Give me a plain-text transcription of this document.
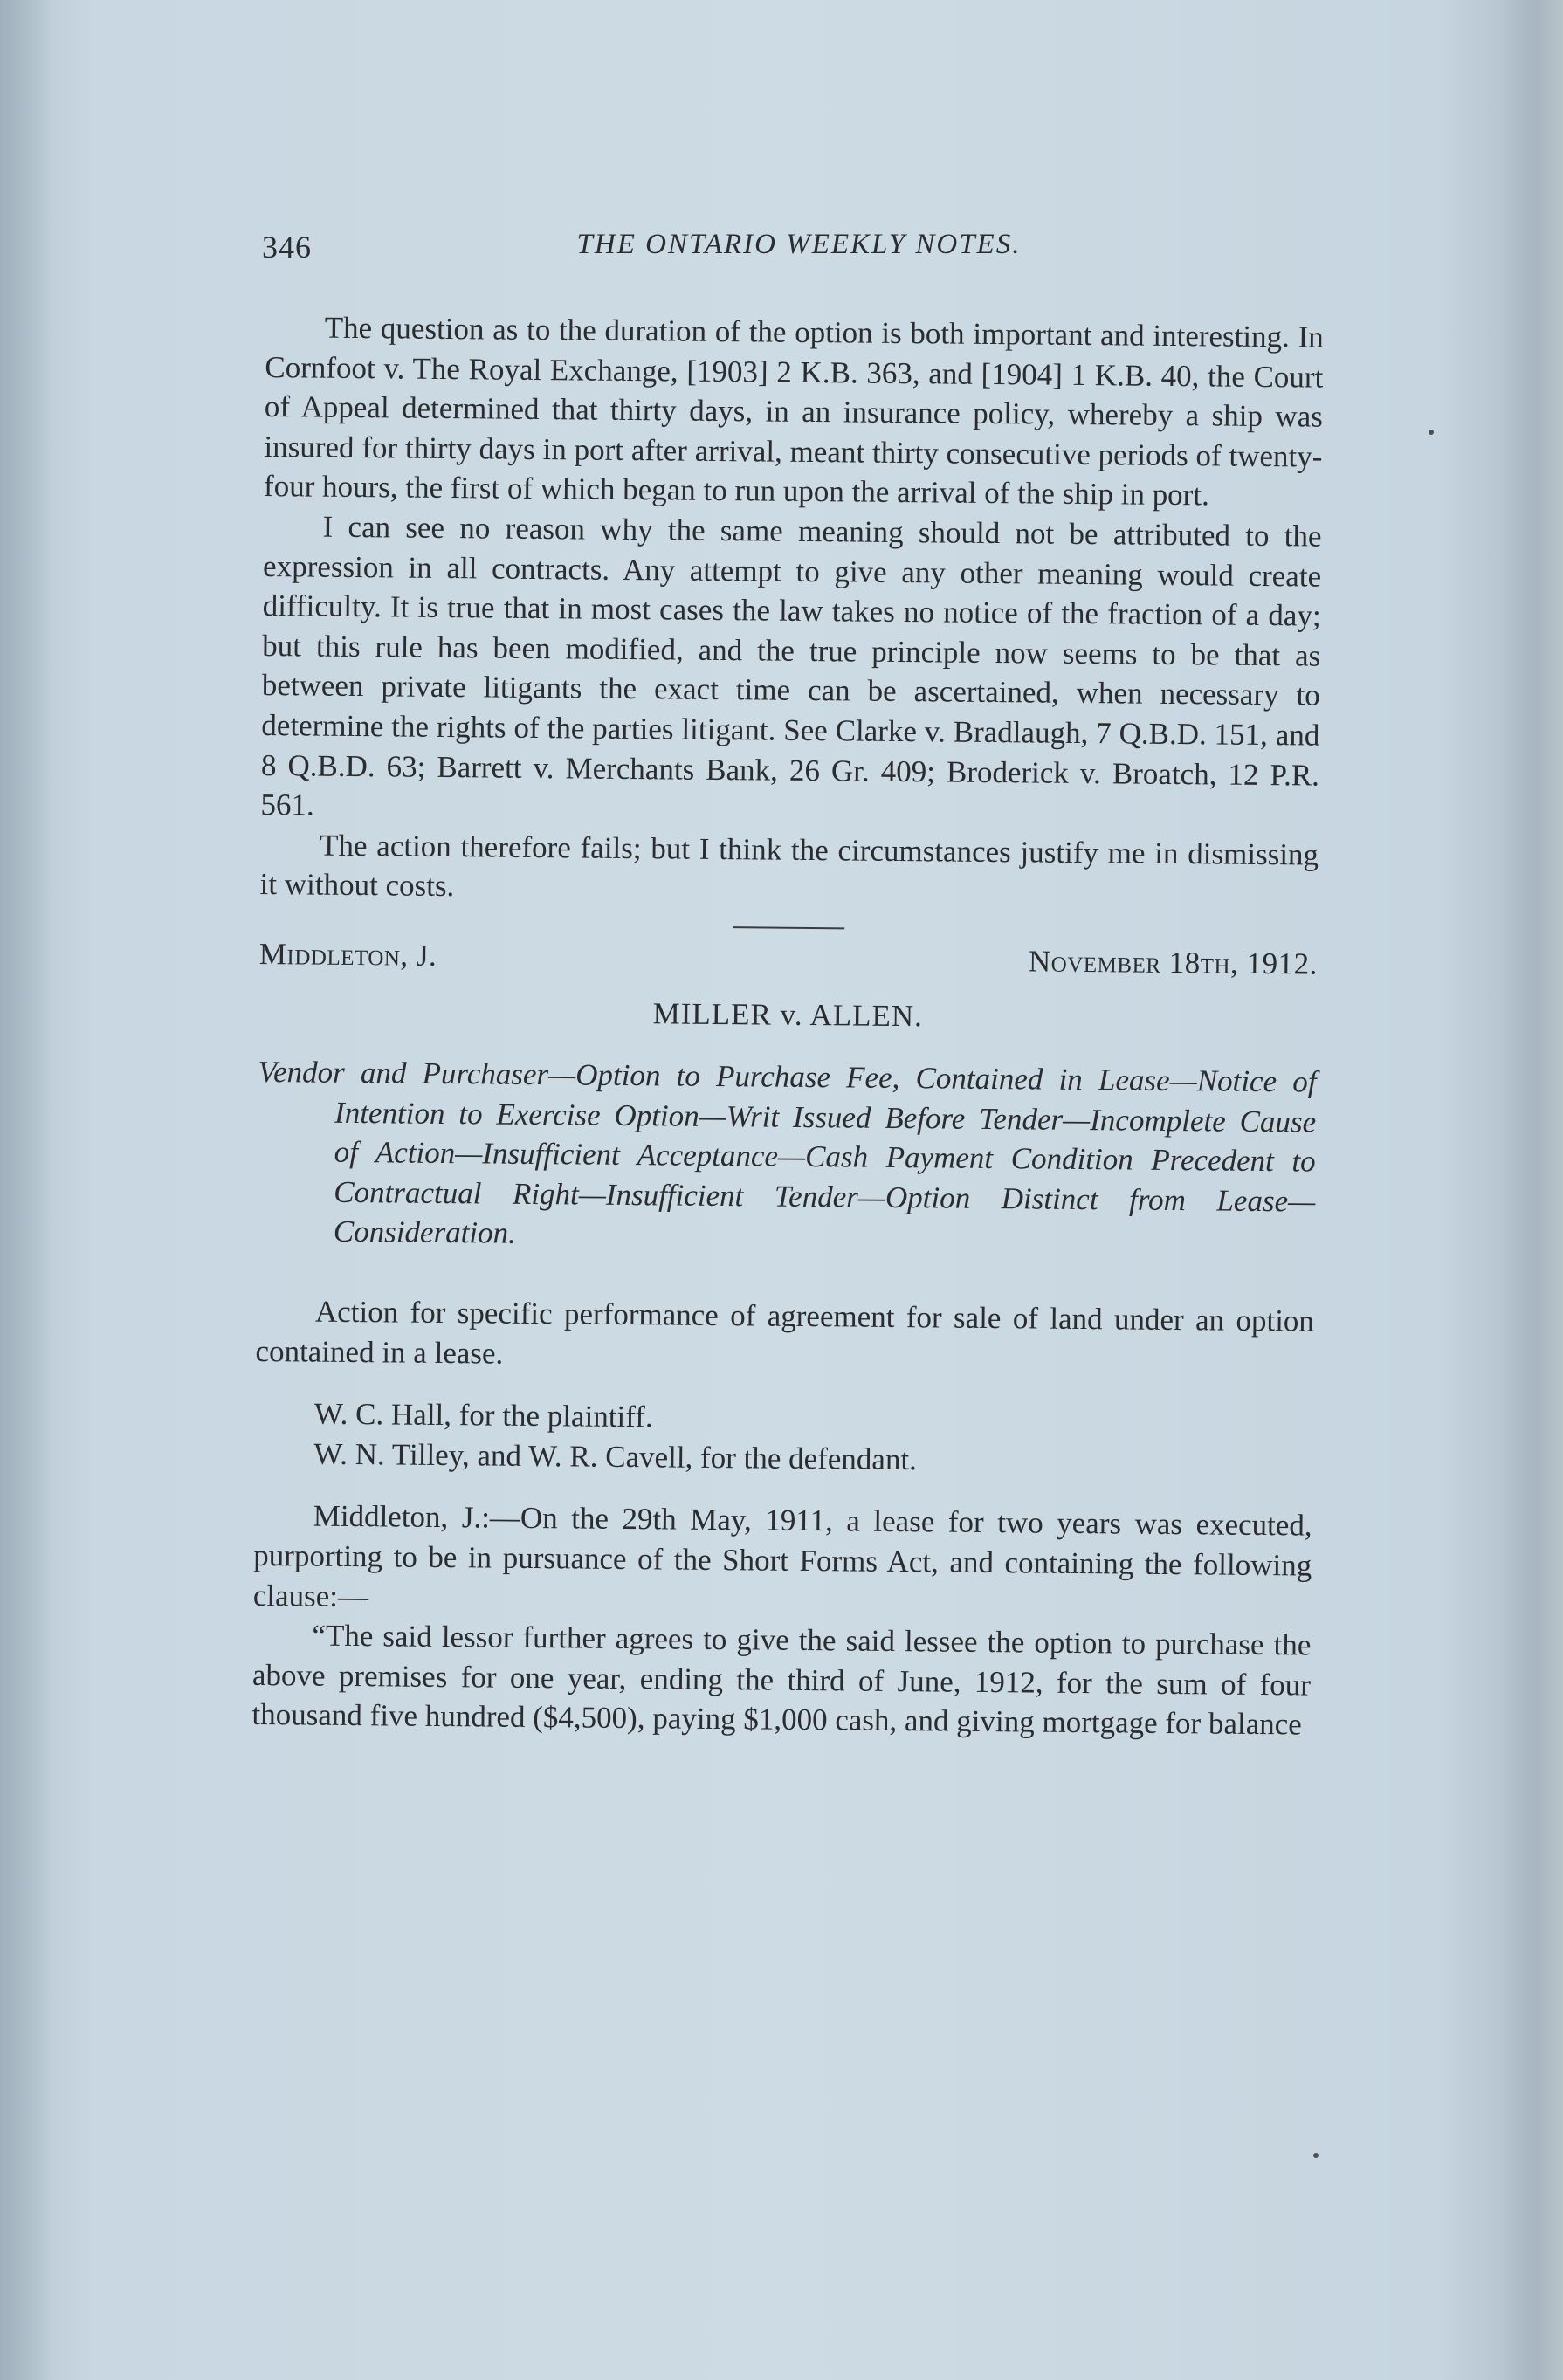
346	THE ONTARIO WEEKLY NOTES.

The question as to the duration of the option is both important and interesting. In Cornfoot v. The Royal Exchange, [1903] 2 K.B. 363, and [1904] 1 K.B. 40, the Court of Appeal determined that thirty days, in an insurance policy, whereby a ship was insured for thirty days in port after arrival, meant thirty consecutive periods of twenty-four hours, the first of which began to run upon the arrival of the ship in port.

I can see no reason why the same meaning should not be attributed to the expression in all contracts. Any attempt to give any other meaning would create difficulty. It is true that in most cases the law takes no notice of the fraction of a day; but this rule has been modified, and the true principle now seems to be that as between private litigants the exact time can be ascertained, when necessary to determine the rights of the parties litigant. See Clarke v. Bradlaugh, 7 Q.B.D. 151, and 8 Q.B.D. 63; Barrett v. Merchants Bank, 26 Gr. 409; Broderick v. Broatch, 12 P.R. 561.

The action therefore fails; but I think the circumstances justify me in dismissing it without costs.

Middleton, J.	November 18th, 1912.

MILLER v. ALLEN.

Vendor and Purchaser—Option to Purchase Fee, Contained in Lease—Notice of Intention to Exercise Option—Writ Issued Before Tender—Incomplete Cause of Action—Insufficient Acceptance—Cash Payment Condition Precedent to Contractual Right—Insufficient Tender—Option Distinct from Lease—Consideration.

Action for specific performance of agreement for sale of land under an option contained in a lease.

W. C. Hall, for the plaintiff.

W. N. Tilley, and W. R. Cavell, for the defendant.

Middleton, J.:—On the 29th May, 1911, a lease for two years was executed, purporting to be in pursuance of the Short Forms Act, and containing the following clause:—

“The said lessor further agrees to give the said lessee the option to purchase the above premises for one year, ending the third of June, 1912, for the sum of four thousand five hundred ($4,500), paying $1,000 cash, and giving mortgage for balance
